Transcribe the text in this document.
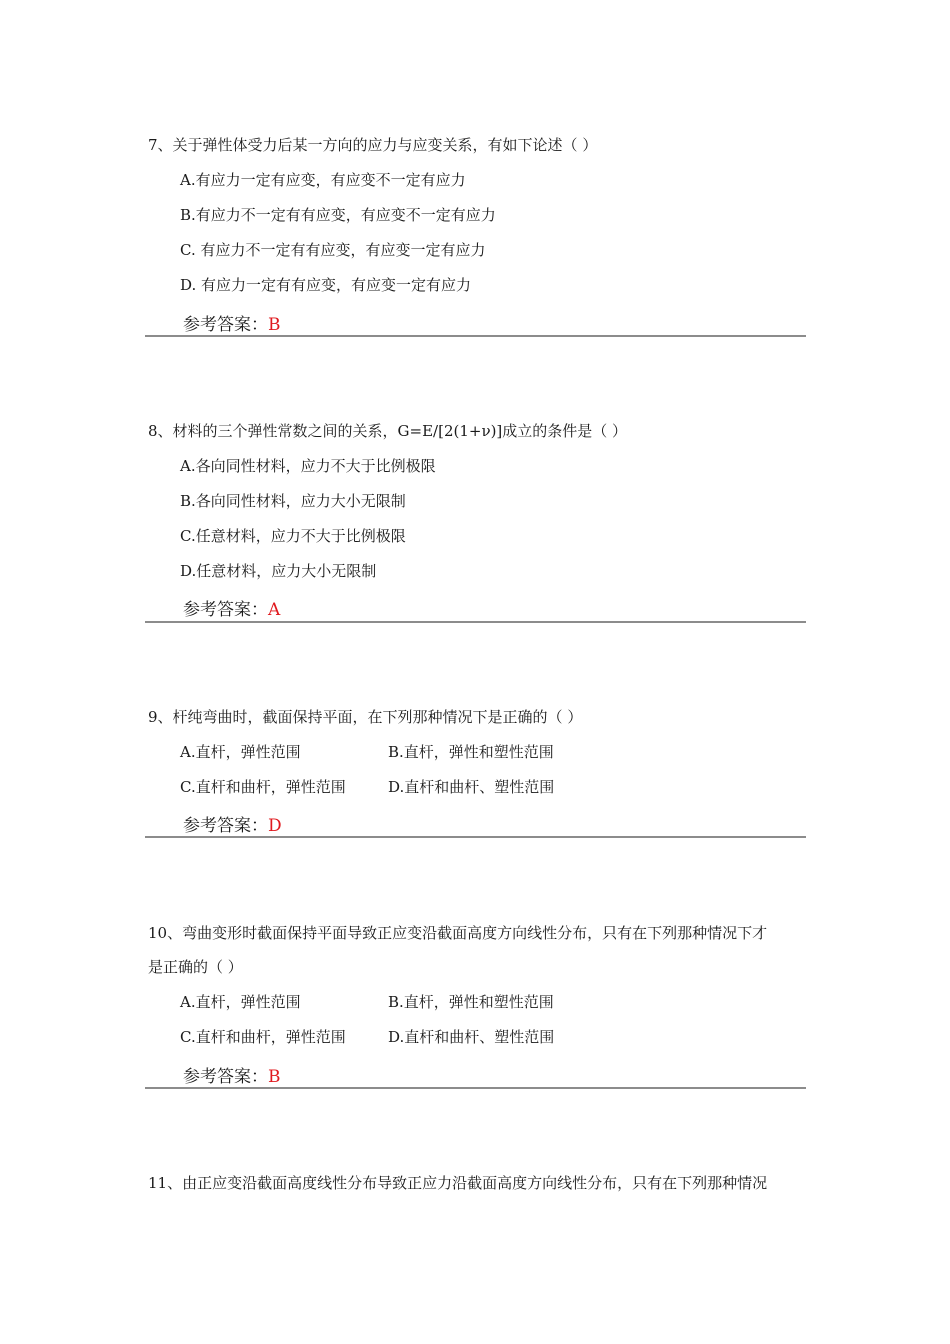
7、关于弹性体受力后某一方向的应力与应变关系，有如下论述（ ）
A.有应力一定有应变，有应变不一定有应力
B.有应力不一定有有应变，有应变不一定有应力
C. 有应力不一定有有应变，有应变一定有应力
D. 有应力一定有有应变，有应变一定有应力
参考答案：B
8、材料的三个弹性常数之间的关系，G=E/[2(1+ν)]成立的条件是（ ）
A.各向同性材料，应力不大于比例极限
B.各向同性材料，应力大小无限制
C.任意材料，应力不大于比例极限
D.任意材料，应力大小无限制
参考答案：A
9、杆纯弯曲时，截面保持平面，在下列那种情况下是正确的（ ）
A.直杆，弹性范围	B.直杆，弹性和塑性范围
C.直杆和曲杆，弹性范围	D.直杆和曲杆、塑性范围
参考答案：D
10、弯曲变形时截面保持平面导致正应变沿截面高度方向线性分布，只有在下列那种情况下才
是正确的（ ）
A.直杆，弹性范围	B.直杆，弹性和塑性范围
C.直杆和曲杆，弹性范围	D.直杆和曲杆、塑性范围
参考答案：B
11、由正应变沿截面高度线性分布导致正应力沿截面高度方向线性分布，只有在下列那种情况
